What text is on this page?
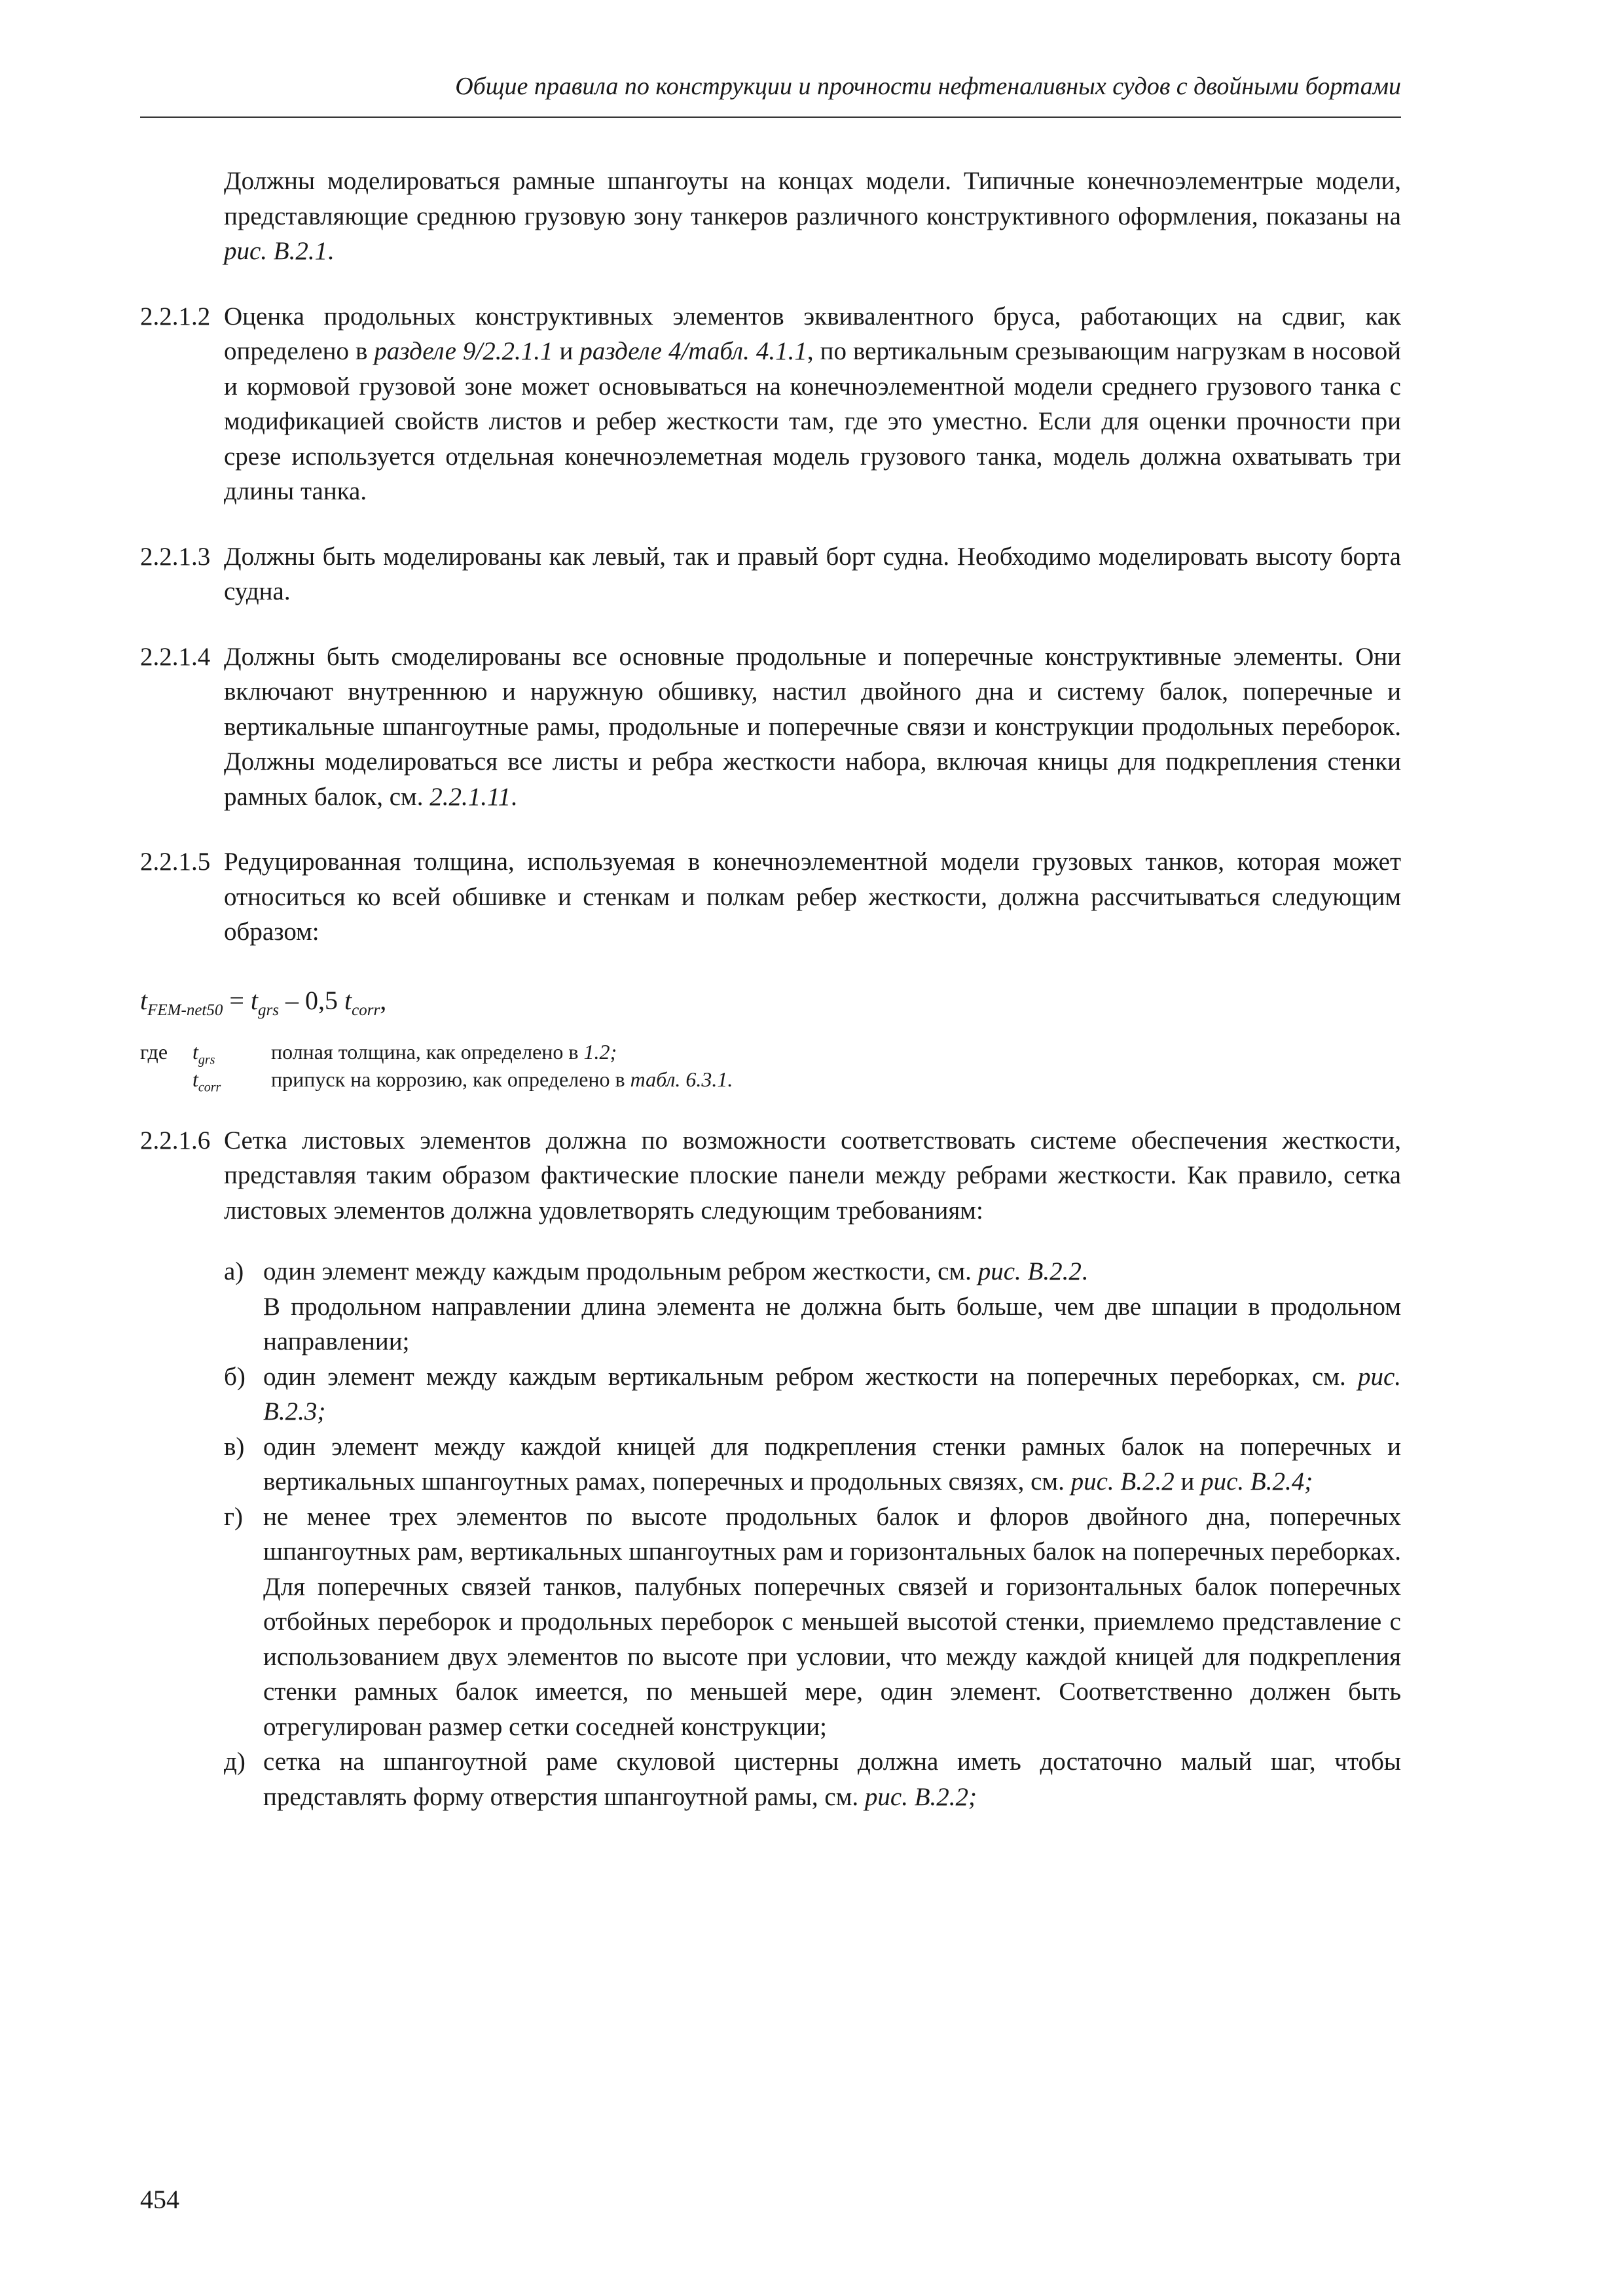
Общие правила по конструкции и прочности нефтеналивных судов с двойными бортами

Должны моделироваться рамные шпангоуты на концах модели. Типичные конечноэлементрые модели, представляющие среднюю грузовую зону танкеров различного конструктивного оформления, показаны на рис. В.2.1.

2.2.1.2 Оценка продольных конструктивных элементов эквивалентного бруса, работающих на сдвиг, как определено в разделе 9/2.2.1.1 и разделе 4/табл. 4.1.1, по вертикальным срезывающим нагрузкам в носовой и кормовой грузовой зоне может основываться на конечноэлементной модели среднего грузового танка с модификацией свойств листов и ребер жесткости там, где это уместно. Если для оценки прочности при срезе используется отдельная конечноэлеметная модель грузового танка, модель должна охватывать три длины танка.

2.2.1.3 Должны быть моделированы как левый, так и правый борт судна. Необходимо моделировать высоту борта судна.

2.2.1.4 Должны быть смоделированы все основные продольные и поперечные конструктивные элементы. Они включают внутреннюю и наружную обшивку, настил двойного дна и систему балок, поперечные и вертикальные шпангоутные рамы, продольные и поперечные связи и конструкции продольных переборок. Должны моделироваться все листы и ребра жесткости набора, включая кницы для подкрепления стенки рамных балок, см. 2.2.1.11.

2.2.1.5 Редуцированная толщина, используемая в конечноэлементной модели грузовых танков, которая может относиться ко всей обшивке и стенкам и полкам ребер жесткости, должна рассчитываться следующим образом:

$t_{FEM-net50} = t_{grs} - 0,5$ $t_{corr}$,
где $t_{grs}$	полная толщина, как определено в 1.2;
$t_{corr}$ припуск на коррозию, как определено в табл. 6.3.1.

2.2.1.6 Сетка листовых элементов должна по возможности соответствовать системе обеспечения жесткости, представляя таким образом фактические плоские панели между ребрами жесткости. Как правило, сетка листовых элементов должна удовлетворять следующим требованиям:

а) один элемент между каждым продольным ребром жесткости, см. рис. В.2.2.
В продольном направлении длина элемента не должна быть больше, чем две шпации в продольном направлении;
б) один элемент между каждым вертикальным ребром жесткости на поперечных переборках, см. рис. В.2.3;
в) один элемент между каждой кницей для подкрепления стенки рамных балок на поперечных и вертикальных шпангоутных рамах, поперечных и продольных связях, см. рис. В.2.2 и рис. В.2.4;
г) не менее трех элементов по высоте продольных балок и флоров двойного дна, поперечных шпангоутных рам, вертикальных шпангоутных рам и горизонтальных балок на поперечных переборках. Для поперечных связей танков, палубных поперечных связей и горизонтальных балок поперечных отбойных переборок и продольных переборок с меньшей высотой стенки, приемлемо представление с использованием двух элементов по высоте при условии, что между каждой кницей для подкрепления стенки рамных балок имеется, по меньшей мере, один элемент. Соответственно должен быть отрегулирован размер сетки соседней конструкции;
д) сетка на шпангоутной раме скуловой цистерны должна иметь достаточно малый шаг, чтобы представлять форму отверстия шпангоутной рамы, см. рис. В.2.2;
454
